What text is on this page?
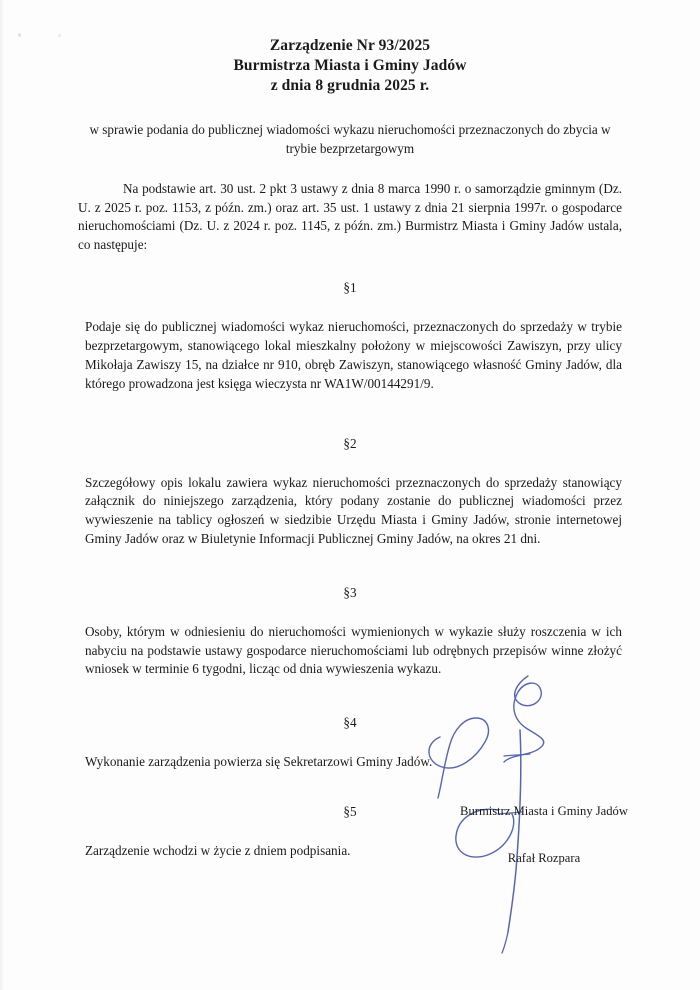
Zarządzenie Nr 93/2025
Burmistrza Miasta i Gminy Jadów
z dnia 8 grudnia 2025 r.
w sprawie podania do publicznej wiadomości wykazu nieruchomości przeznaczonych do zbycia w trybie bezprzetargowym
Na podstawie art. 30 ust. 2 pkt 3 ustawy z dnia 8 marca 1990 r. o samorządzie gminnym (Dz. U. z 2025 r. poz. 1153, z późn. zm.) oraz art. 35 ust. 1 ustawy z dnia 21 sierpnia 1997r. o gospodarce nieruchomościami (Dz. U. z 2024 r. poz. 1145, z późn. zm.) Burmistrz Miasta i Gminy Jadów ustala, co następuje:
§1
Podaje się do publicznej wiadomości wykaz nieruchomości, przeznaczonych do sprzedaży w trybie bezprzetargowym, stanowiącego lokal mieszkalny położony w miejscowości Zawiszyn, przy ulicy Mikołaja Zawiszy 15, na działce nr 910, obręb Zawiszyn, stanowiącego własność Gminy Jadów, dla którego prowadzona jest księga wieczysta nr WA1W/00144291/9.
§2
Szczegółowy opis lokalu zawiera wykaz nieruchomości przeznaczonych do sprzedaży stanowiący załącznik do niniejszego zarządzenia, który podany zostanie do publicznej wiadomości przez wywieszenie na tablicy ogłoszeń w siedzibie Urzędu Miasta i Gminy Jadów, stronie internetowej Gminy Jadów oraz w Biuletynie Informacji Publicznej Gminy Jadów, na okres 21 dni.
§3
Osoby, którym w odniesieniu do nieruchomości wymienionych w wykazie służy roszczenia w ich nabyciu na podstawie ustawy gospodarce nieruchomościami lub odrębnych przepisów winne złożyć wniosek w terminie 6 tygodni, licząc od dnia wywieszenia wykazu.
§4
Wykonanie zarządzenia powierza się Sekretarzowi Gminy Jadów.
§5
Zarządzenie wchodzi w życie z dniem podpisania.
Burmistrz Miasta i Gminy Jadów
Rafał Rozpara
